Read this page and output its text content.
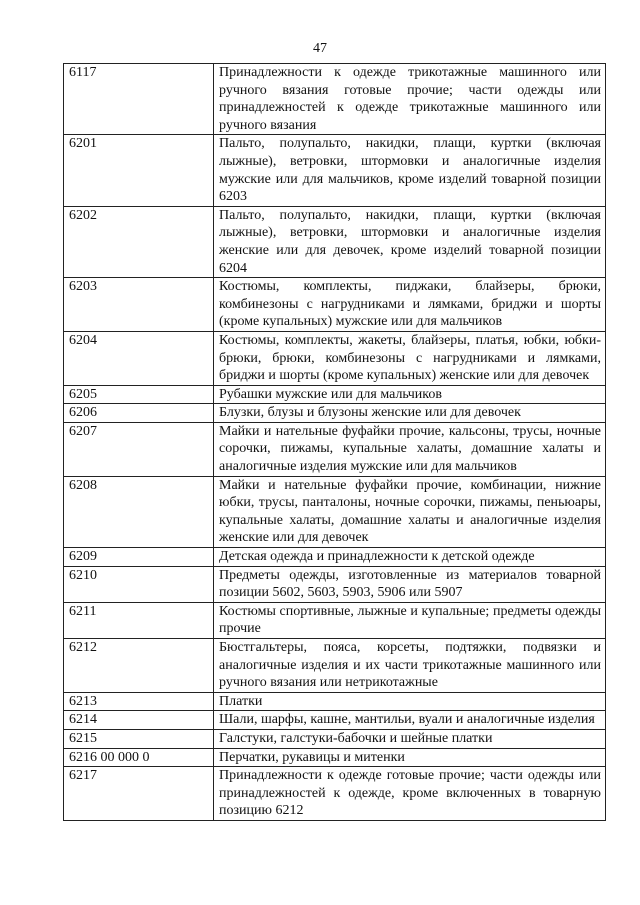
47
6117	Принадлежности к одежде трикотажные машинного или ручного вязания готовые прочие; части одежды или принадлежностей к одежде трикотажные машинного или ручного вязания
6201	Пальто, полупальто, накидки, плащи, куртки (включая лыжные), ветровки, штормовки и аналогичные изделия мужские или для мальчиков, кроме изделий товарной позиции 6203
6202	Пальто, полупальто, накидки, плащи, куртки (включая лыжные), ветровки, штормовки и аналогичные изделия женские или для девочек, кроме изделий товарной позиции 6204
6203	Костюмы, комплекты, пиджаки, блайзеры, брюки, комбинезоны с нагрудниками и лямками, бриджи и шорты (кроме купальных) мужские или для мальчиков
6204	Костюмы, комплекты, жакеты, блайзеры, платья, юбки, юбки-брюки, брюки, комбинезоны с нагрудниками и лямками, бриджи и шорты (кроме купальных) женские или для девочек
6205	Рубашки мужские или для мальчиков
6206	Блузки, блузы и блузоны женские или для девочек
6207	Майки и нательные фуфайки прочие, кальсоны, трусы, ночные сорочки, пижамы, купальные халаты, домашние халаты и аналогичные изделия мужские или для мальчиков
6208	Майки и нательные фуфайки прочие, комбинации, нижние юбки, трусы, панталоны, ночные сорочки, пижамы, пеньюары, купальные халаты, домашние халаты и аналогичные изделия женские или для девочек
6209	Детская одежда и принадлежности к детской одежде
6210	Предметы одежды, изготовленные из материалов товарной позиции 5602, 5603, 5903, 5906 или 5907
6211	Костюмы спортивные, лыжные и купальные; предметы одежды прочие
6212	Бюстгальтеры, пояса, корсеты, подтяжки, подвязки и аналогичные изделия и их части трикотажные машинного или ручного вязания или нетрикотажные
6213	Платки
6214	Шали, шарфы, кашне, мантильи, вуали и аналогичные изделия
6215	Галстуки, галстуки-бабочки и шейные платки
6216 00 000 0	Перчатки, рукавицы и митенки
6217	Принадлежности к одежде готовые прочие; части одежды или принадлежностей к одежде, кроме включенных в товарную позицию 6212
